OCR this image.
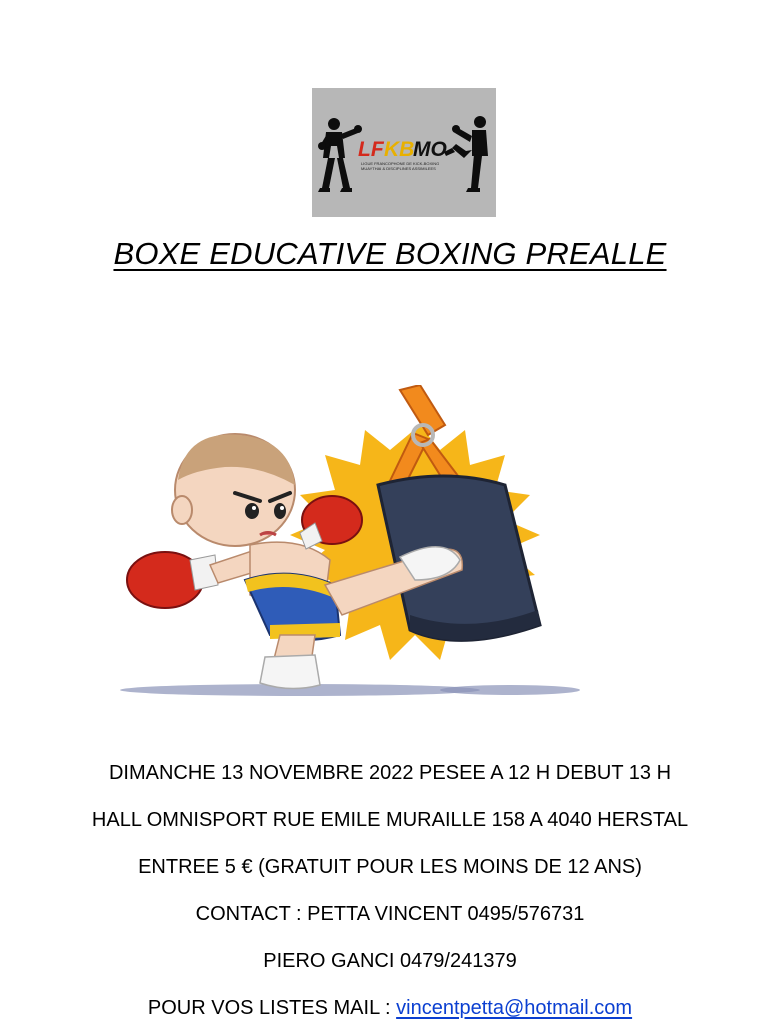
LF KB
MO
LIGUE FRANCOPHONE DE KICK-BOXING
MUAYTHAI & DISCIPLINES ASSIMILEES
BOXE EDUCATIVE BOXING PREALLE
DIMANCHE 13 NOVEMBRE 2022 PESEE A 12 H DEBUT 13 H
HALL OMNISPORT RUE EMILE MURAILLE 158 A 4040 HERSTAL
ENTREE 5 € (GRATUIT POUR LES MOINS DE 12 ANS)
CONTACT : PETTA VINCENT 0495/576731
PIERO GANCI 0479/241379
POUR VOS LISTES MAIL : vincentpetta@hotmail.com
